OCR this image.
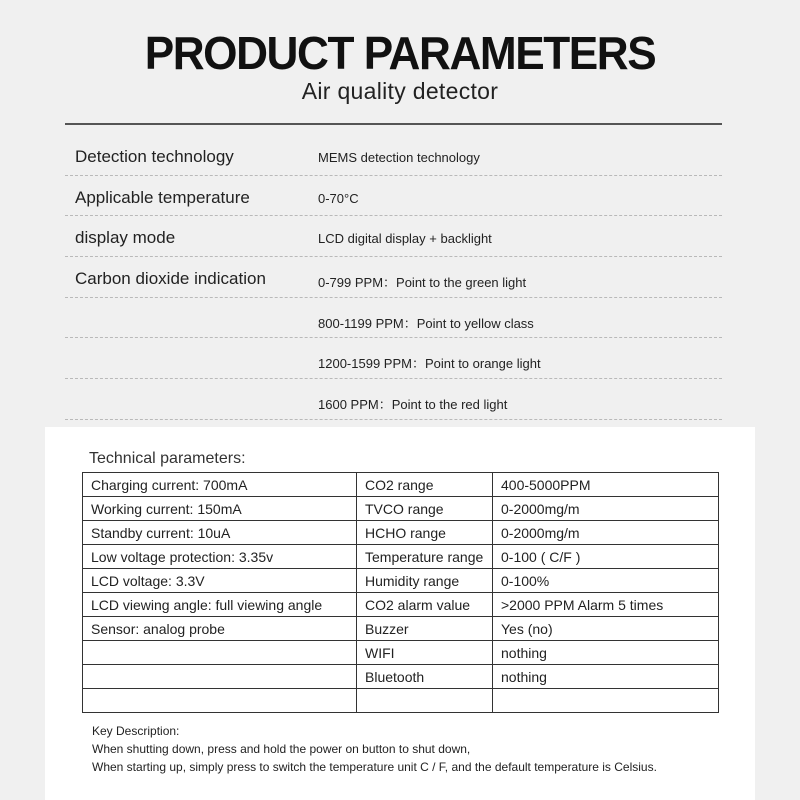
PRODUCT PARAMETERS
Air quality detector
Detection technology	MEMS detection technology
Applicable temperature	0-70°C
display mode	LCD digital display + backlight
Carbon dioxide indication	0-799 PPM：Point to the green light
800-1199 PPM：Point to yellow class
1200-1599 PPM：Point to orange light
1600 PPM：Point to the red light
Technical parameters:
Charging current: 700mA	CO2 range	400-5000PPM
Working current: 150mA	TVCO range	0-2000mg/m
Standby current: 10uA	HCHO range	0-2000mg/m
Low voltage protection: 3.35v	Temperature range	0-100 ( C/F )
LCD voltage: 3.3V	Humidity range	0-100%
LCD viewing angle: full viewing angle	CO2 alarm value	>2000 PPM Alarm 5 times
Sensor: analog probe	Buzzer	Yes (no)
	WIFI	nothing
	Bluetooth	nothing

Key Description:
When shutting down, press and hold the power on button to shut down,
When starting up, simply press to switch the temperature unit C / F, and the default temperature is Celsius.
